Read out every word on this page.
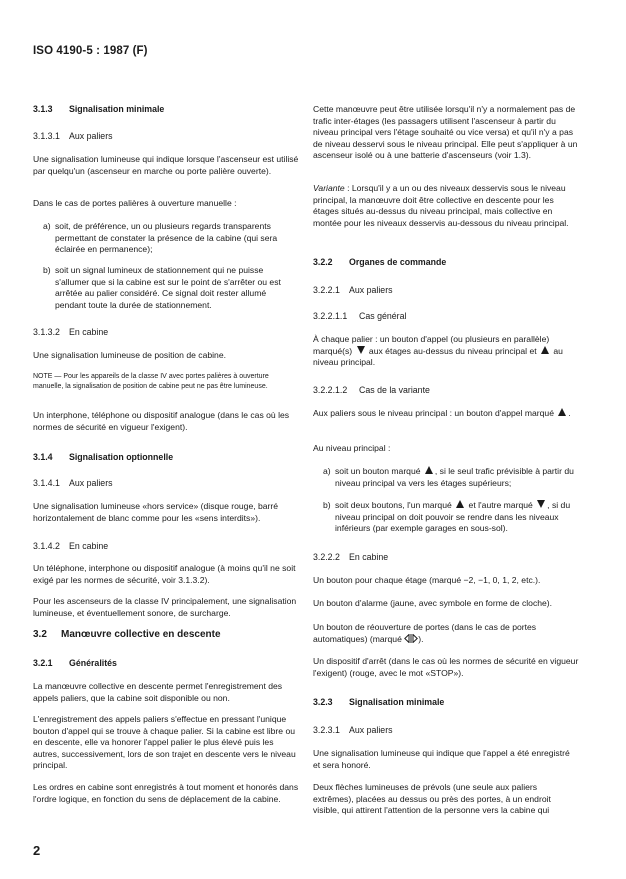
ISO 4190-5 : 1987 (F)
3.1.3 Signalisation minimale
3.1.3.1 Aux paliers

Une signalisation lumineuse qui indique lorsque l'ascenseur est utilisé par quelqu'un (ascenseur en marche ou porte palière ouverte).

Dans le cas de portes palières à ouverture manuelle :

a) soit, de préférence, un ou plusieurs regards transparents permettant de constater la présence de la cabine (qui sera éclairée en permanence);
b) soit un signal lumineux de stationnement qui ne puisse s'allumer que si la cabine est sur le point de s'arrêter ou est arrêtée au palier considéré. Ce signal doit rester allumé pendant toute la durée de stationnement.
3.1.3.2 En cabine

Une signalisation lumineuse de position de cabine.

NOTE — Pour les appareils de la classe IV avec portes palières à ouverture manuelle, la signalisation de position de cabine peut ne pas être lumineuse.

Un interphone, téléphone ou dispositif analogue (dans le cas où les normes de sécurité en vigueur l'exigent).

3.1.4 Signalisation optionnelle
3.1.4.1 Aux paliers

Une signalisation lumineuse «hors service» (disque rouge, barré horizontalement de blanc comme pour les «sens interdits»).

3.1.4.2 En cabine

Un téléphone, interphone ou dispositif analogue (à moins qu'il ne soit exigé par les normes de sécurité, voir 3.1.3.2).

Pour les ascenseurs de la classe IV principalement, une signalisation lumineuse, et éventuellement sonore, de surcharge.

3.2 Manœuvre collective en descente
3.2.1 Généralités

La manœuvre collective en descente permet l'enregistrement des appels paliers, que la cabine soit disponible ou non.

L'enregistrement des appels paliers s'effectue en pressant l'unique bouton d'appel qui se trouve à chaque palier. Si la cabine est libre ou en descente, elle va honorer l'appel palier le plus élevé puis les autres, successivement, lors de son trajet en descente vers le niveau principal.

Les ordres en cabine sont enregistrés à tout moment et honorés dans l'ordre logique, en fonction du sens de déplacement de la cabine.

Cette manœuvre peut être utilisée lorsqu'il n'y a normalement pas de trafic inter-étages (les passagers utilisent l'ascenseur à partir du niveau principal vers l'étage souhaité ou vice versa) et qu'il n'y a pas de niveau desservi sous le niveau principal. Elle peut s'appliquer à un ascenseur isolé ou à une batterie d'ascenseurs (voir 1.3).

Variante : Lorsqu'il y a un ou des niveaux desservis sous le niveau principal, la manœuvre doit être collective en descente pour les étages situés au-dessus du niveau principal, mais collective en montée pour les niveaux desservis au-dessous du niveau principal.

3.2.2 Organes de commande
3.2.2.1 Aux paliers
3.2.2.1.1 Cas général

À chaque palier : un bouton d'appel (ou plusieurs en parallèle) marqué(s)  aux étages au-dessus du niveau principal et  au niveau principal.

3.2.2.1.2 Cas de la variante

Aux paliers sous le niveau principal : un bouton d'appel marqué .

Au niveau principal :

a) soit un bouton marqué , si le seul trafic prévisible à partir du niveau principal va vers les étages supérieurs;
b) soit deux boutons, l'un marqué  et l'autre marqué , si du niveau principal on doit pouvoir se rendre dans les niveaux inférieurs (par exemple garages en sous-sol).
3.2.2.2 En cabine

Un bouton pour chaque étage (marqué −2, −1, 0, 1, 2, etc.).

Un bouton d'alarme (jaune, avec symbole en forme de cloche).

Un bouton de réouverture de portes (dans le cas de portes automatiques) (marqué ).

Un dispositif d'arrêt (dans le cas où les normes de sécurité en vigueur l'exigent) (rouge, avec le mot «STOP»).

3.2.3 Signalisation minimale
3.2.3.1 Aux paliers

Une signalisation lumineuse qui indique que l'appel a été enregistré et sera honoré.

Deux flèches lumineuses de prévols (une seule aux paliers extrêmes), placées au dessus ou près des portes, à un endroit visible, qui attirent l'attention de la personne vers la cabine qui

2
